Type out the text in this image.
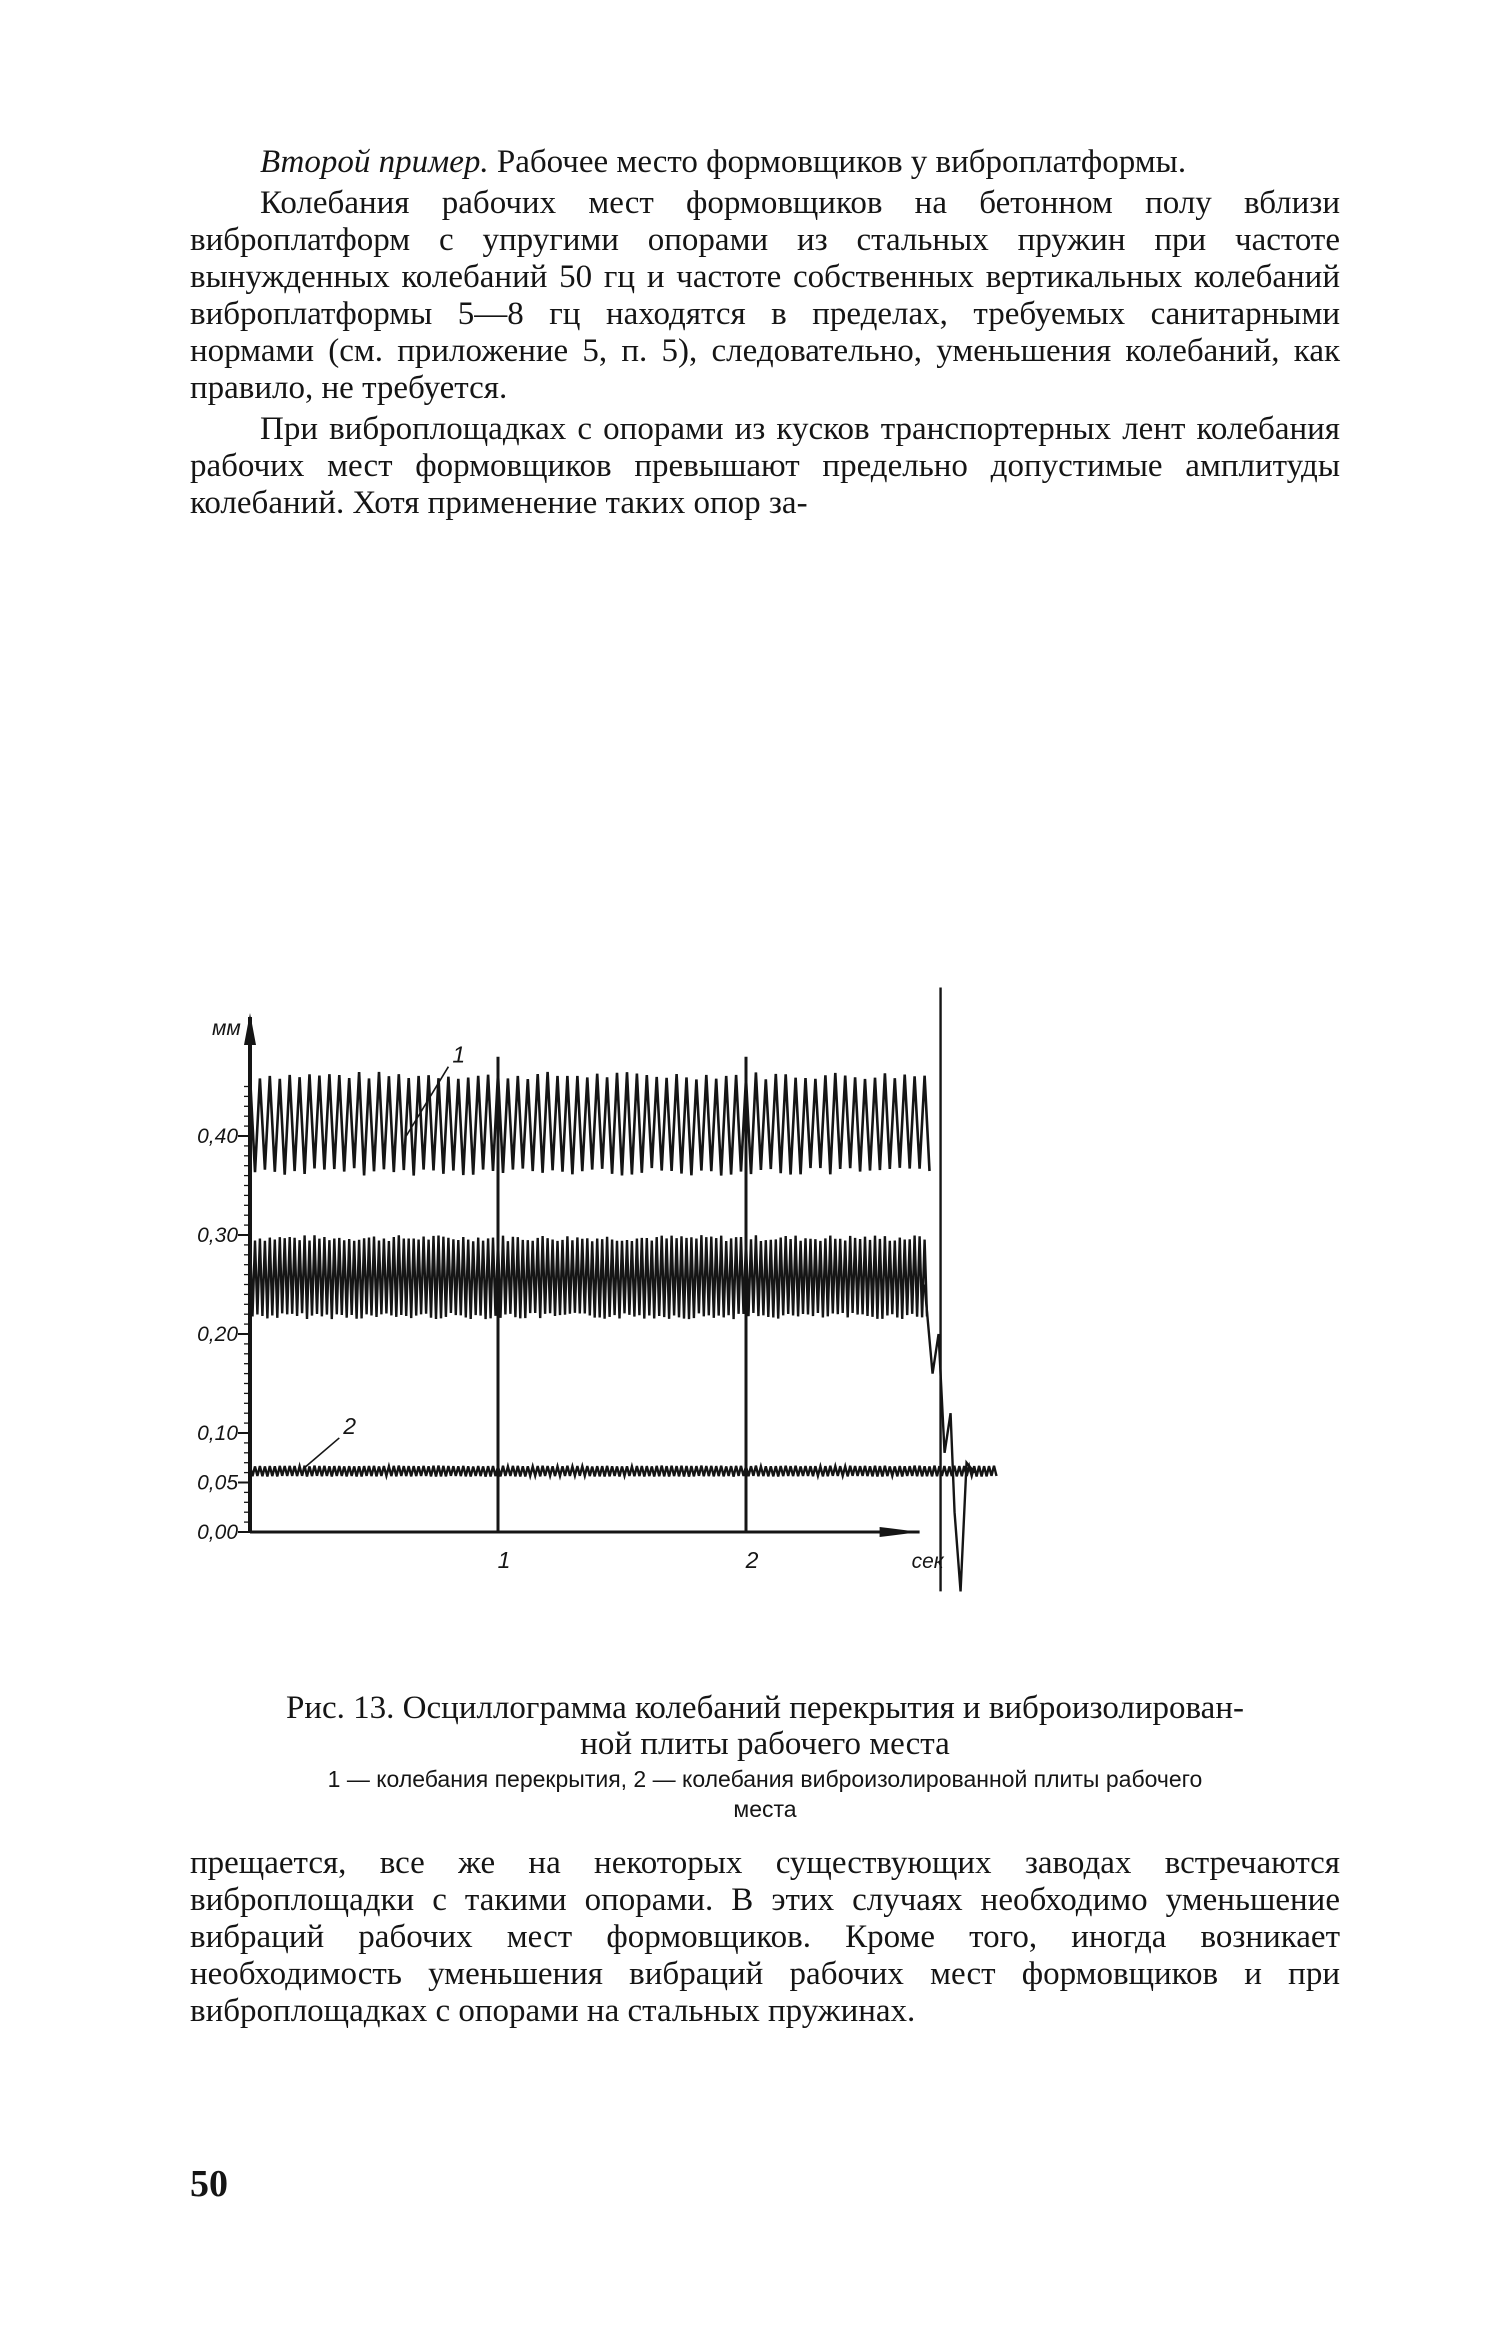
Второй пример. Рабочее место формовщиков у виброплатформы.

Колебания рабочих мест формовщиков на бетонном полу вблизи виброплатформ с упругими опорами из стальных пружин при частоте вынужденных колебаний 50 гц и частоте собственных вертикальных колебаний виброплатформы 5—8 гц находятся в пределах, требуемых санитарными нормами (см. приложение 5, п. 5), следовательно, уменьшения колебаний, как правило, не требуется.

При виброплощадках с опорами из кусков транспортерных лент колебания рабочих мест формовщиков превышают предельно допустимые амплитуды колебаний. Хотя применение таких опор за-

0,00
0,05
0,10
0,20
0,30
0,40
мм
1	2	сек
1
2
Рис. 13. Осциллограмма колебаний перекрытия и виброизолирован-
ной плиты рабочего места
1 — колебания перекрытия, 2 — колебания виброизолированной плиты рабочего
места

прещается, все же на некоторых существующих заводах встречаются виброплощадки с такими опорами. В этих случаях необходимо уменьшение вибраций рабочих мест формовщиков. Кроме того, иногда возникает необходимость уменьшения вибраций рабочих мест формовщиков и при виброплощадках с опорами на стальных пружинах.

50
